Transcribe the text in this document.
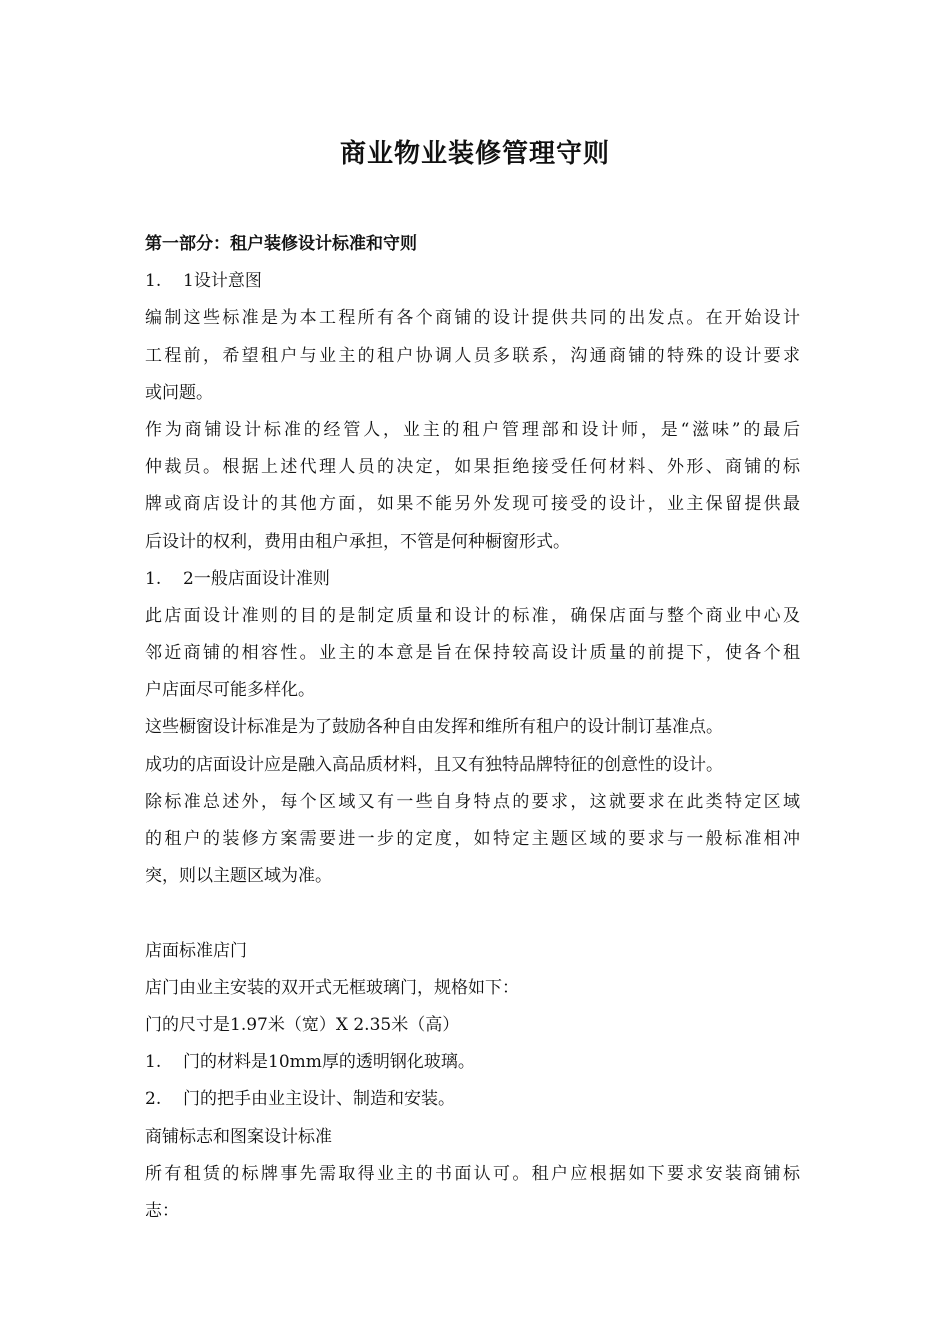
商业物业装修管理守则
第一部分：租户装修设计标准和守则
1. 1设计意图
编制这些标准是为本工程所有各个商铺的设计提供共同的出发点。在开始设计
工程前，希望租户与业主的租户协调人员多联系，沟通商铺的特殊的设计要求
或问题。
作为商铺设计标准的经管人，业主的租户管理部和设计师，是“滋味”的最后
仲裁员。根据上述代理人员的决定，如果拒绝接受任何材料、外形、商铺的标
牌或商店设计的其他方面，如果不能另外发现可接受的设计，业主保留提供最
后设计的权利，费用由租户承担，不管是何种橱窗形式。
1. 2一般店面设计准则
此店面设计准则的目的是制定质量和设计的标准，确保店面与整个商业中心及
邻近商铺的相容性。业主的本意是旨在保持较高设计质量的前提下，使各个租
户店面尽可能多样化。
这些橱窗设计标准是为了鼓励各种自由发挥和维所有租户的设计制订基准点。
成功的店面设计应是融入高品质材料，且又有独特品牌特征的创意性的设计。
除标准总述外，每个区域又有一些自身特点的要求，这就要求在此类特定区域
的租户的装修方案需要进一步的定度，如特定主题区域的要求与一般标准相冲
突，则以主题区域为准。
店面标准店门
店门由业主安装的双开式无框玻璃门，规格如下：
门的尺寸是1.97米（宽）X 2.35米（高）
1. 门的材料是10mm厚的透明钢化玻璃。
2. 门的把手由业主设计、制造和安装。
商铺标志和图案设计标准
所有租赁的标牌事先需取得业主的书面认可。租户应根据如下要求安装商铺标
志：
